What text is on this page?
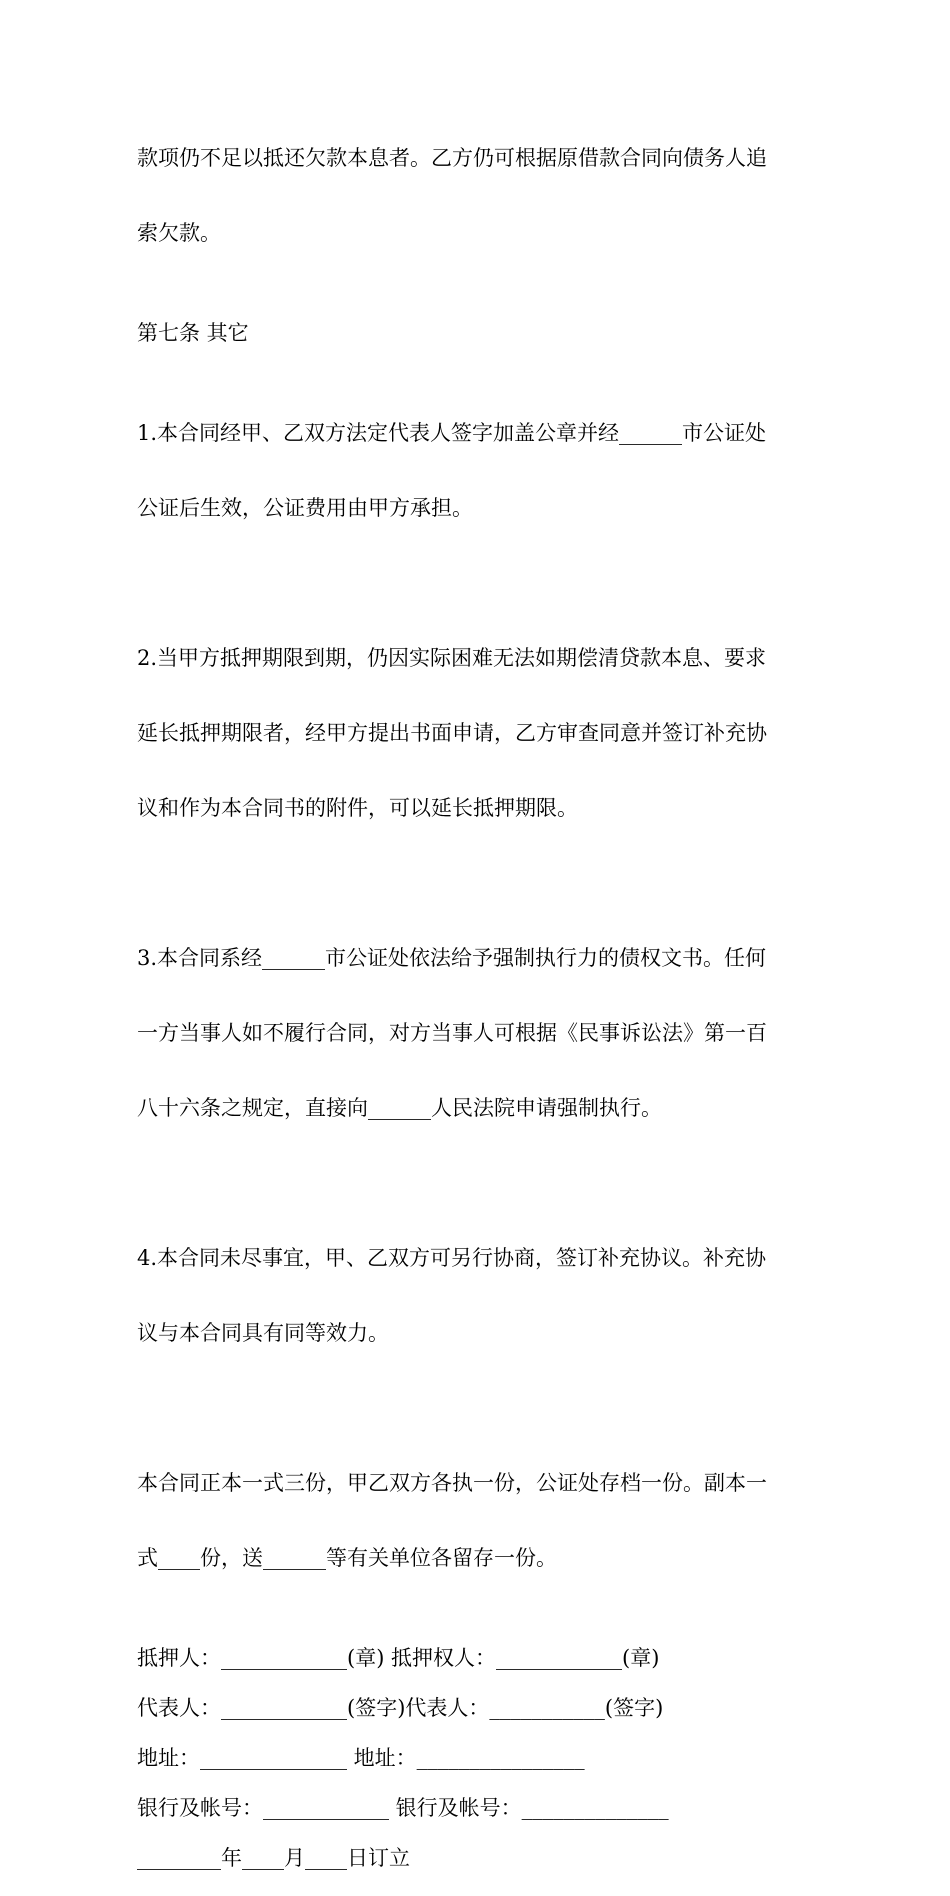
款项仍不足以抵还欠款本息者。乙方仍可根据原借款合同向债务人追

索欠款。

第七条 其它

1.本合同经甲、乙双方法定代表人签字加盖公章并经______市公证处

公证后生效，公证费用由甲方承担。

2.当甲方抵押期限到期，仍因实际困难无法如期偿清贷款本息、要求

延长抵押期限者，经甲方提出书面申请，乙方审查同意并签订补充协

议和作为本合同书的附件，可以延长抵押期限。

3.本合同系经______市公证处依法给予强制执行力的债权文书。任何

一方当事人如不履行合同，对方当事人可根据《民事诉讼法》第一百

八十六条之规定，直接向______人民法院申请强制执行。

4.本合同未尽事宜，甲、乙双方可另行协商，签订补充协议。补充协

议与本合同具有同等效力。

本合同正本一式三份，甲乙双方各执一份，公证处存档一份。副本一

式____份，送______等有关单位各留存一份。

抵押人：____________(章) 抵押权人：____________(章)
代表人：____________(签字)代表人：___________(签字)
地址：______________ 地址：________________
银行及帐号：____________ 银行及帐号：______________
________年____月____日订立
